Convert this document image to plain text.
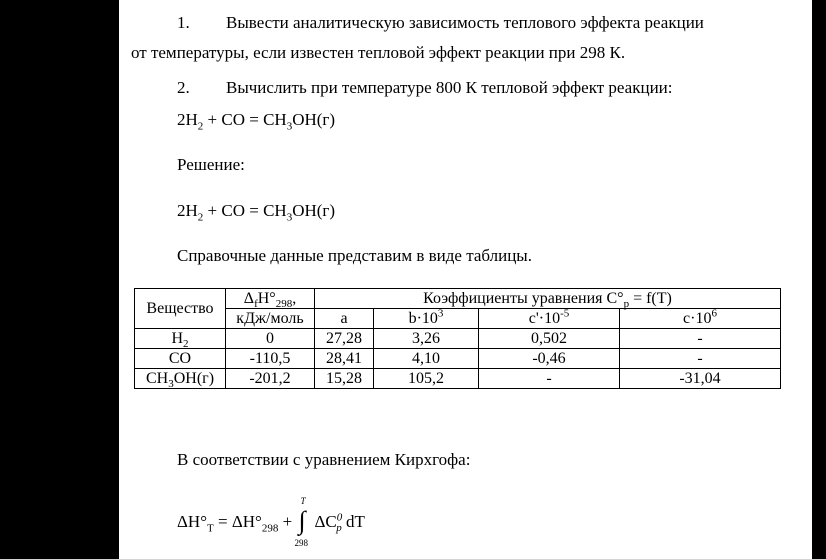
1. Вывести аналитическую зависимость теплового эффекта реакции
от температуры, если известен тепловой эффект реакции при 298 К.
2. Вычислить при температуре 800 К тепловой эффект реакции:
$2H_2$ + CO = $CH_3OH(г)$
Решение:
$2H_2$ + CO = $CH_3OH(г)$
Справочные данные представим в виде таблицы.
Вещество	$\Delta_fH^\circ_{298}$,	Коэффициенты уравнения $C^\circ_p = f(T)$			
	кДж/моль	a	$b\cdot 10^3$	$c'\cdot 10^{-5}$	$c\cdot 10^6$
$H_2$	0	27,28	3,26	0,502	-
CO	-110,5	28,41	4,10	-0,46	-
$CH_3OH(г)$	-201,2	15,28	105,2	-	-31,04
В соответствии с уравнением Кирхгофа:
$\Delta H^\circ_T = \Delta H^\circ_{298}$ +
T
∫
298
$\Delta C^0_p$ dT
